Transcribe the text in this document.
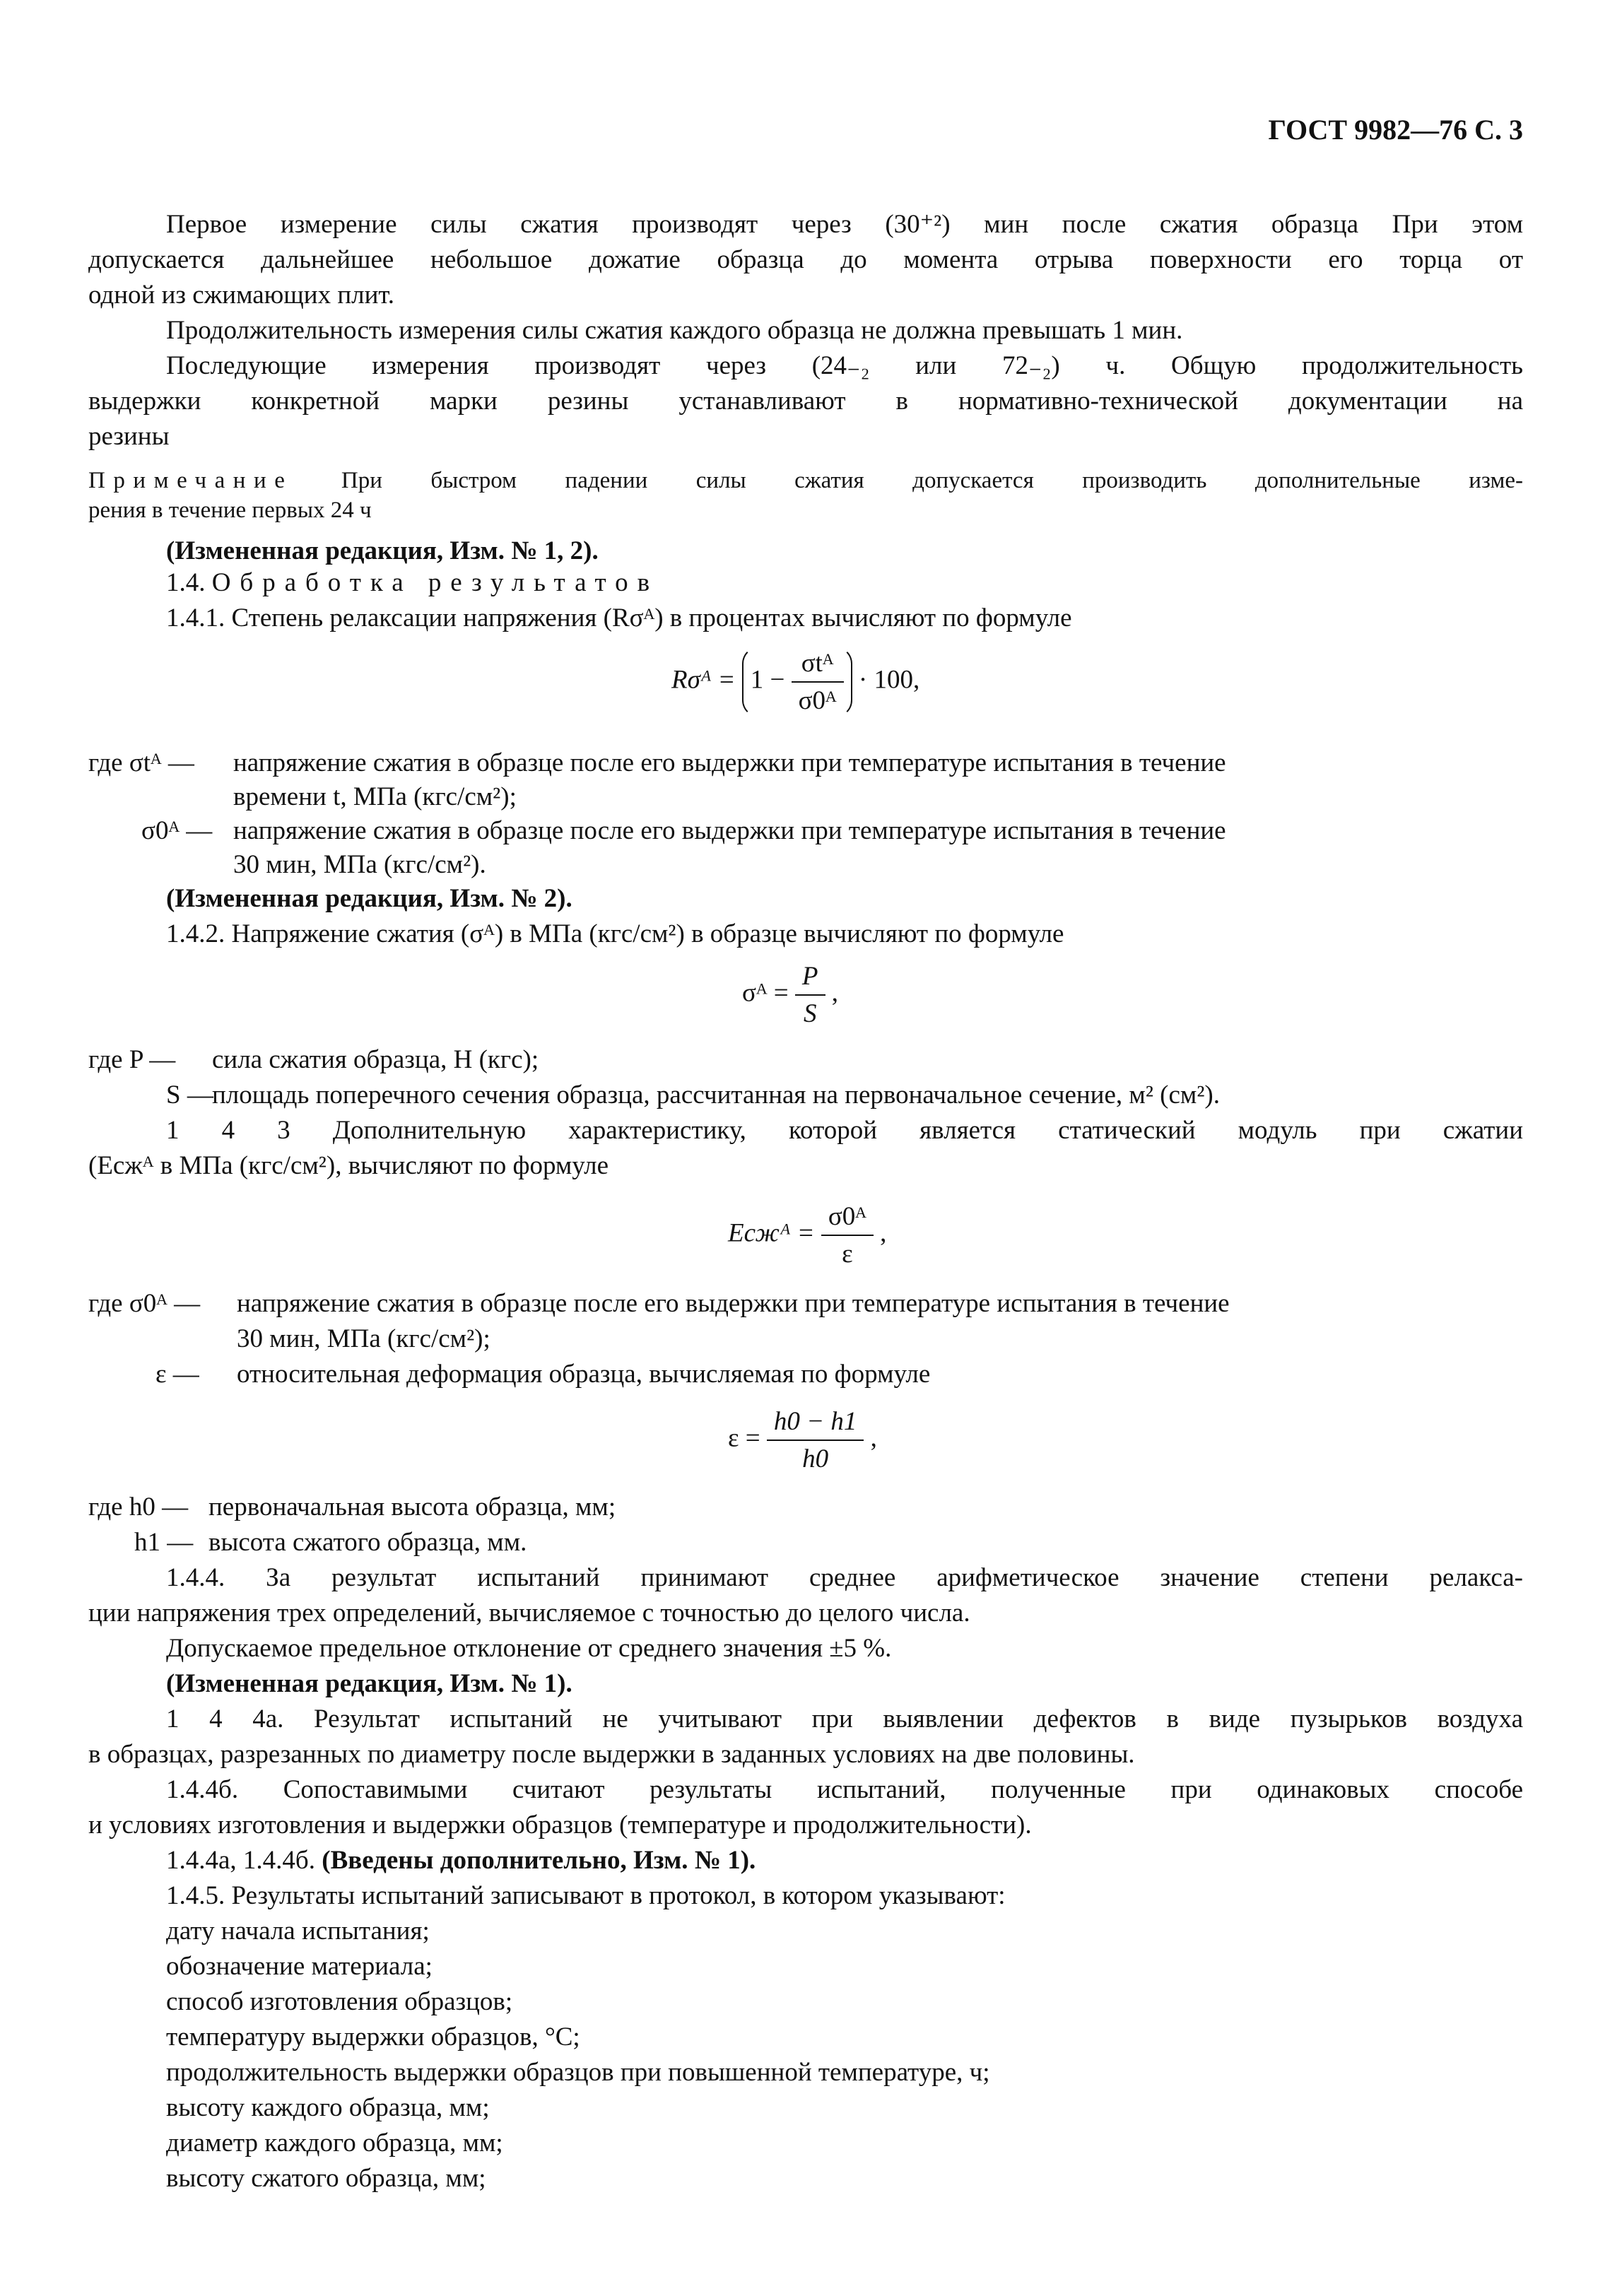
ГОСТ 9982—76 С. 3
Первое измерение силы сжатия производят через (30⁺²) мин после сжатия образца При этом
допускается дальнейшее небольшое дожатие образца до момента отрыва поверхности его торца от
одной из сжимающих плит.
Продолжительность измерения силы сжатия каждого образца не должна превышать 1 мин.
Последующие измерения производят через (24₋₂ или 72₋₂) ч. Общую продолжительность
выдержки конкретной марки резины устанавливают в нормативно-технической документации на
резины
Примечание При быстром падении силы сжатия допускается производить дополнительные изме-
рения в течение первых 24 ч
(Измененная редакция, Изм. № 1, 2).
1.4. Обработка результатов
1.4.1. Степень релаксации напряжения (Rσᴬ) в процентах вычисляют по формуле
Rσᴬ = $1 - \frac{\text{σtᴬ}}{\text{σ0ᴬ}} \cdot 100$,
где σtᴬ — напряжение сжатия в образце после его выдержки при температуре испытания в течение
времени t, МПа (кгс/см²);
σ0ᴬ — напряжение сжатия в образце после его выдержки при температуре испытания в течение
30 мин, МПа (кгс/см²).
(Измененная редакция, Изм. № 2).
1.4.2. Напряжение сжатия (σᴬ) в МПа (кгс/см²) в образце вычисляют по формуле
σᴬ = $\frac{P}{S}$ ,
где P — сила сжатия образца, Н (кгс);
S —
площадь поперечного сечения образца, рассчитанная на первоначальное сечение, м² (см²).
1 4 3 Дополнительную характеристику, которой является статический модуль при сжатии
(Eсжᴬ в МПа (кгс/см²), вычисляют по формуле
Eсжᴬ = $\frac{\text{σ0ᴬ}}{\varepsilon}$ ,
где σ0ᴬ — напряжение сжатия в образце после его выдержки при температуре испытания в течение
30 мин, МПа (кгс/см²);
ε — относительная деформация образца, вычисляемая по формуле
$\varepsilon = \frac{h0 - h1}{h0}$ ,
где h0 — первоначальная высота образца, мм;
h1 — высота сжатого образца, мм.
1.4.4. За результат испытаний принимают среднее арифметическое значение степени релакса-
ции напряжения трех определений, вычисляемое с точностью до целого числа.
Допускаемое предельное отклонение от среднего значения ±5 %.
(Измененная редакция, Изм. № 1).
1 4 4а. Результат испытаний не учитывают при выявлении дефектов в виде пузырьков воздуха
в образцах, разрезанных по диаметру после выдержки в заданных условиях на две половины.
1.4.4б. Сопоставимыми считают результаты испытаний, полученные при одинаковых способе
и условиях изготовления и выдержки образцов (температуре и продолжительности).
1.4.4а, 1.4.4б. (Введены дополнительно, Изм. № 1).
1.4.5. Результаты испытаний записывают в протокол, в котором указывают:
дату начала испытания;
обозначение материала;
способ изготовления образцов;
температуру выдержки образцов, °С;
продолжительность выдержки образцов при повышенной температуре, ч;
высоту каждого образца, мм;
диаметр каждого образца, мм;
высоту сжатого образца, мм;
